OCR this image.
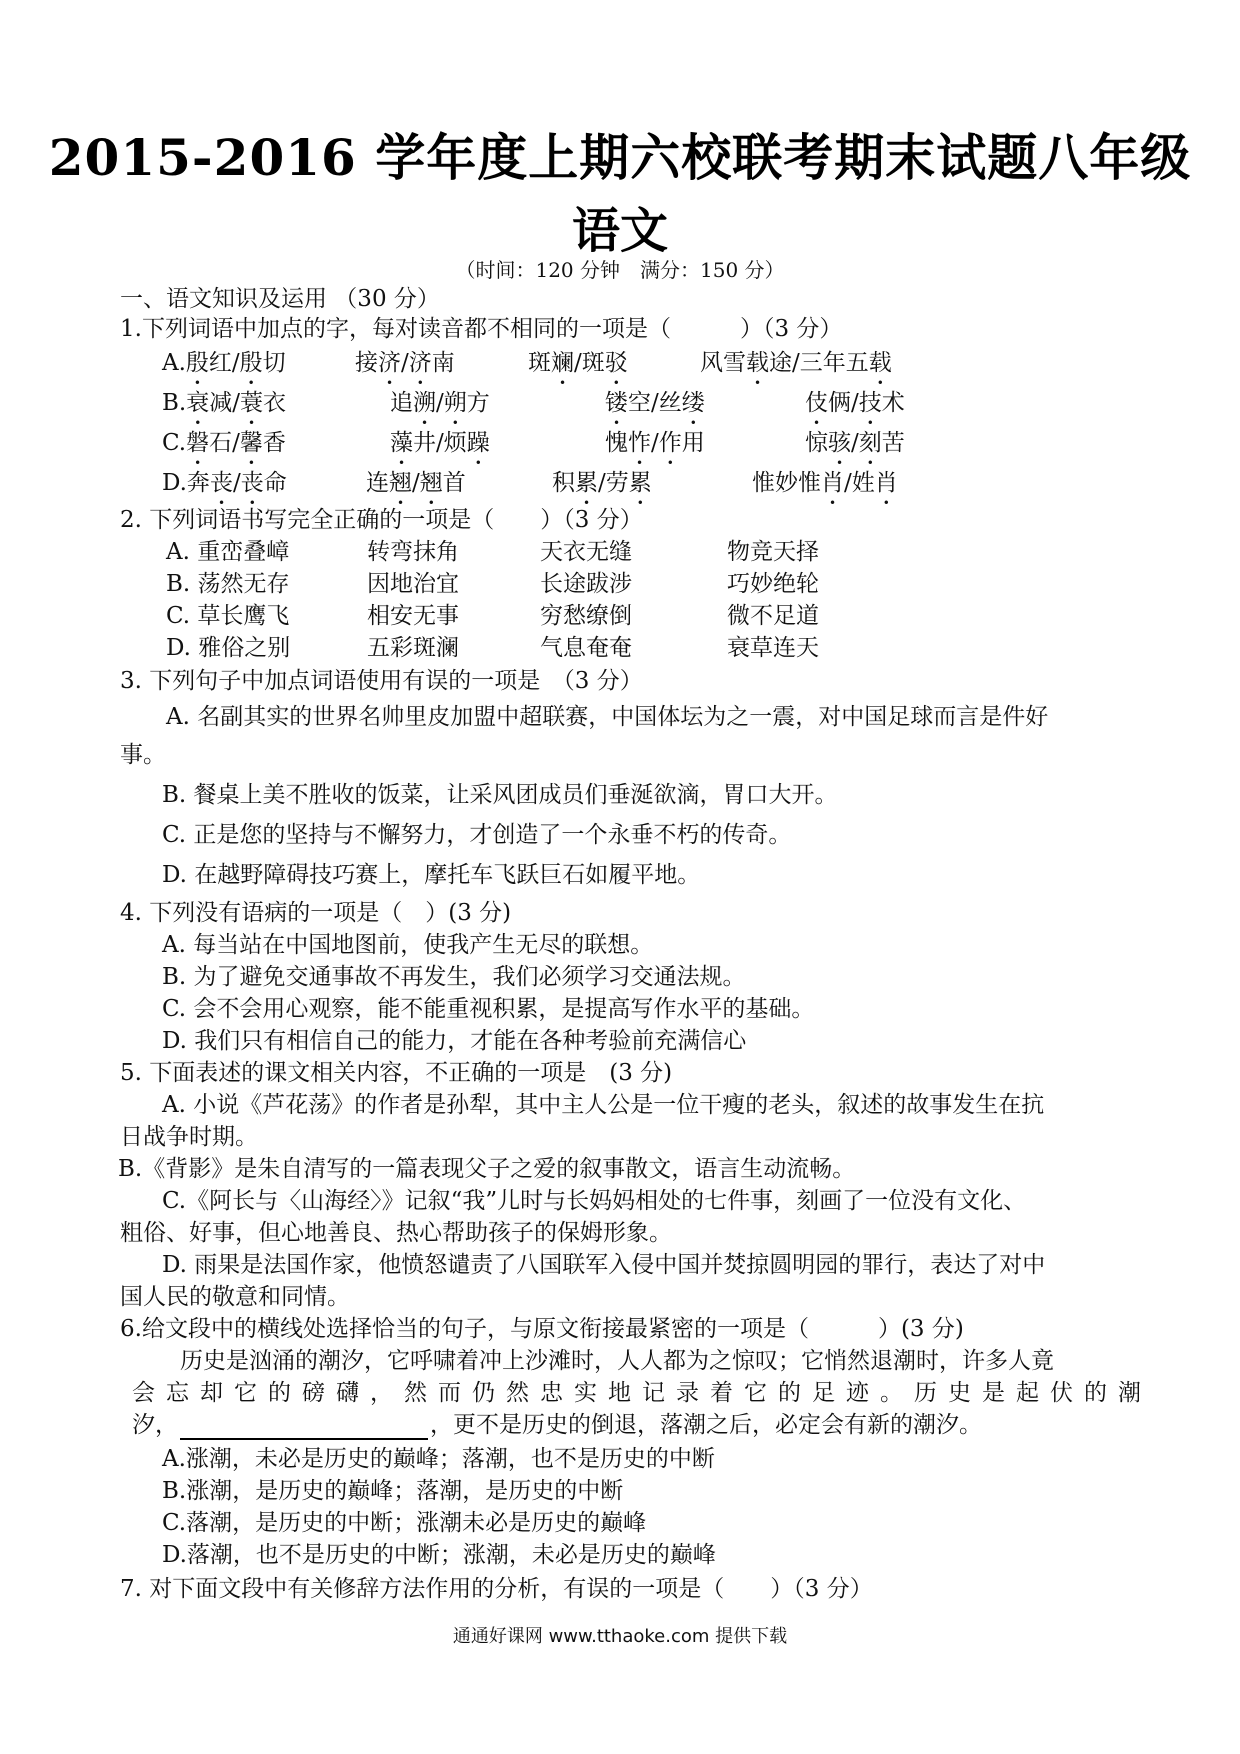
2015-2016 学年度上期六校联考期末试题八年级
语文
（时间：120 分钟　满分：150 分）
一、语文知识及运用 （30 分）
1.下列词语中加点的字，每对读音都不相同的一项是（　　　）（3 分）
A.殷红/殷切	接济/济南	斑斓/斑驳	风雪载途/三年五载
B.衰减/蓑衣	追溯/朔方	镂空/丝缕	伎俩/技术
C.磐石/馨香	藻井/烦躁	愧怍/作用	惊骇/刻苦
D.奔丧/丧命	连翘/翘首	积累/劳累	惟妙惟肖/姓肖
2. 下列词语书写完全正确的一项是（　　）（3 分）
A. 重峦叠嶂	转弯抹角	天衣无缝	物竞天择
B. 荡然无存	因地治宜	长途跋涉	巧妙绝轮
C. 草长鹰飞	相安无事	穷愁缭倒	微不足道
D. 雅俗之别	五彩斑澜	气息奄奄	衰草连天
3. 下列句子中加点词语使用有误的一项是　（3 分）
A. 名副其实的世界名帅里皮加盟中超联赛，中国体坛为之一震，对中国足球而言是件好
事。
B. 餐桌上美不胜收的饭菜，让采风团成员们垂涎欲滴，胃口大开。
C. 正是您的坚持与不懈努力，才创造了一个永垂不朽的传奇。
D. 在越野障碍技巧赛上，摩托车飞跃巨石如履平地。
4. 下列没有语病的一项是（　）(3 分)
A. 每当站在中国地图前，使我产生无尽的联想。
B. 为了避免交通事故不再发生，我们必须学习交通法规。
C. 会不会用心观察，能不能重视积累，是提高写作水平的基础。
D. 我们只有相信自己的能力，才能在各种考验前充满信心
5. 下面表述的课文相关内容，不正确的一项是　(3 分)
A. 小说《芦花荡》的作者是孙犁，其中主人公是一位干瘦的老头，叙述的故事发生在抗
日战争时期。
B.《背影》是朱自清写的一篇表现父子之爱的叙事散文，语言生动流畅。
C.《阿长与〈山海经〉》记叙“我”儿时与长妈妈相处的七件事，刻画了一位没有文化、
粗俗、好事，但心地善良、热心帮助孩子的保姆形象。
D. 雨果是法国作家，他愤怒谴责了八国联军入侵中国并焚掠圆明园的罪行，表达了对中
国人民的敬意和同情。
6.给文段中的横线处选择恰当的句子，与原文衔接最紧密的一项是（　　　）(3 分)
历史是汹涌的潮汐，它呼啸着冲上沙滩时，人人都为之惊叹；它悄然退潮时，许多人竟
会忘却它的磅礴，然而仍然忠实地记录着它的足迹。历史是起伏的潮
汐，	，更不是历史的倒退，落潮之后，必定会有新的潮汐。
A.涨潮，未必是历史的巅峰；落潮，也不是历史的中断
B.涨潮，是历史的巅峰；落潮，是历史的中断
C.落潮，是历史的中断；涨潮未必是历史的巅峰
D.落潮，也不是历史的中断；涨潮，未必是历史的巅峰
7. 对下面文段中有关修辞方法作用的分析，有误的一项是（　　）（3 分）
通通好课网 www.tthaoke.com 提供下载
